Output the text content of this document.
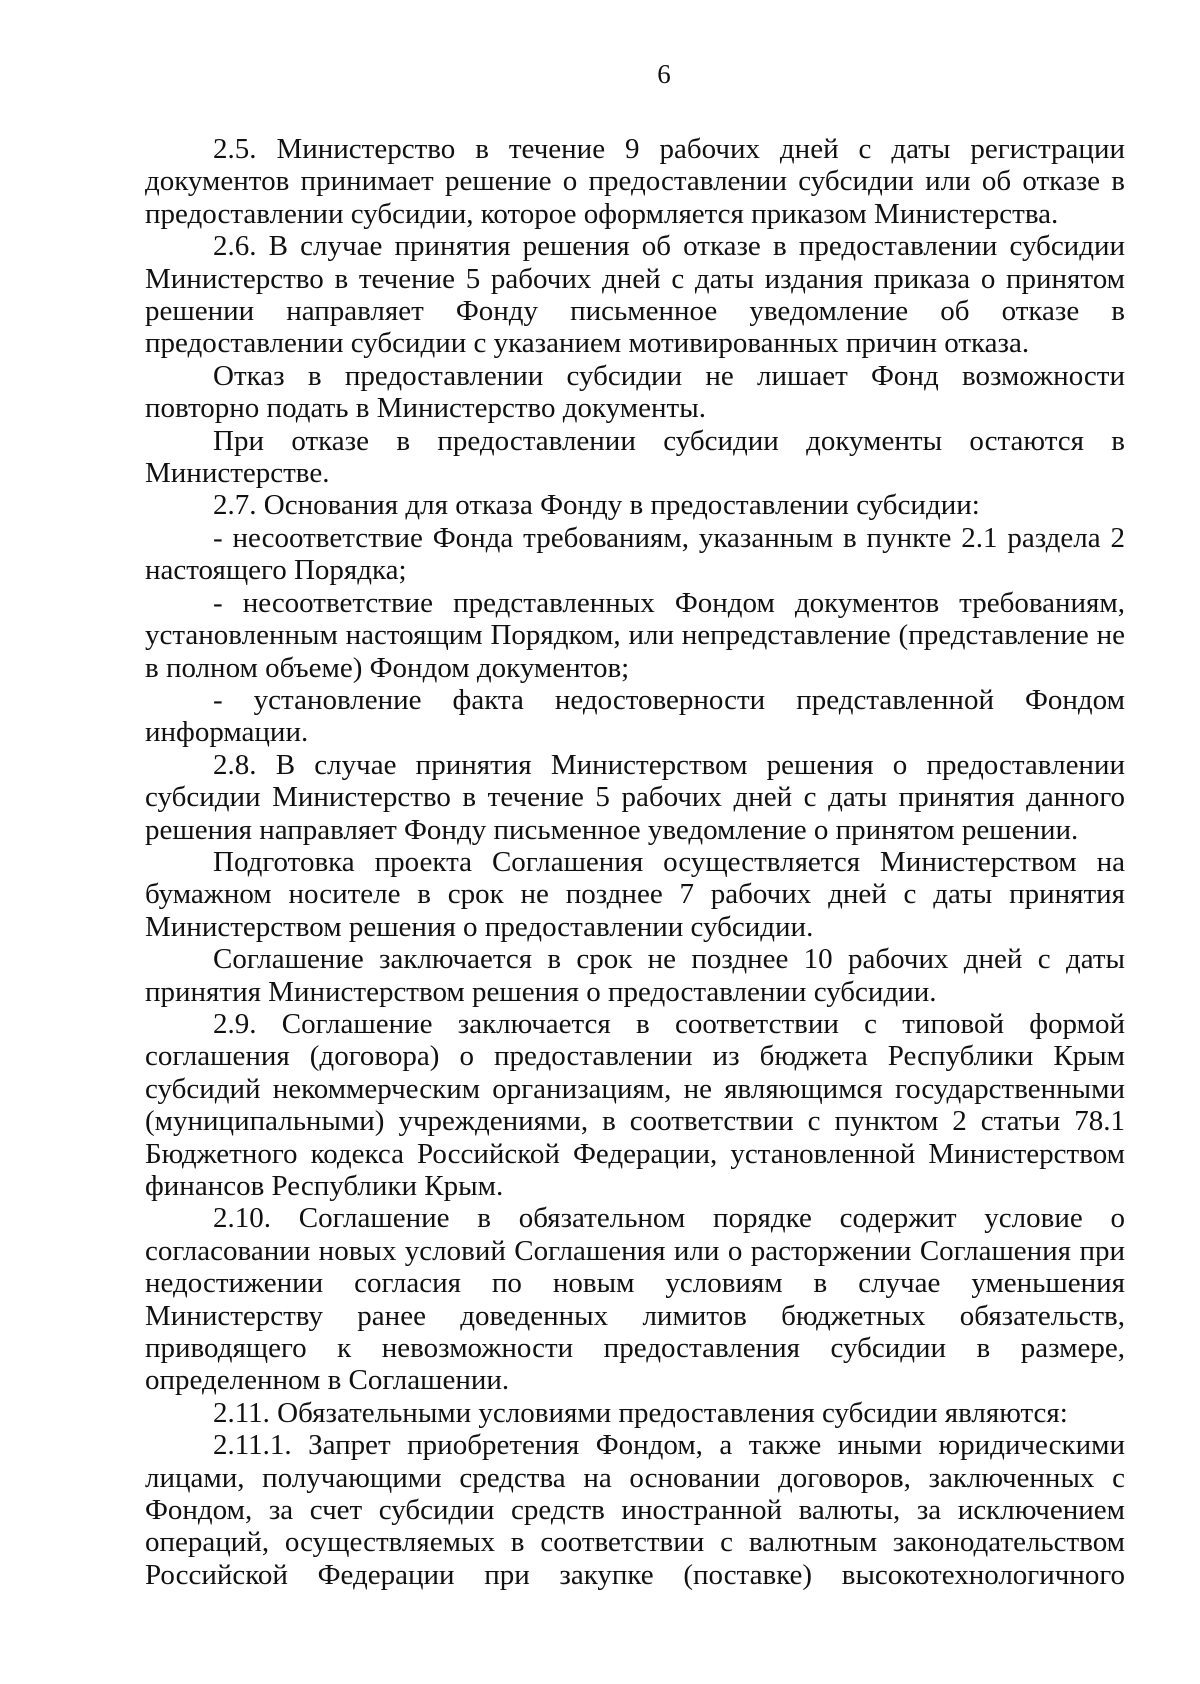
6
2.5. Министерство в течение 9 рабочих дней с даты регистрации
документов принимает решение о предоставлении субсидии или об отказе в
предоставлении субсидии, которое оформляется приказом Министерства.
2.6. В случае принятия решения об отказе в предоставлении субсидии
Министерство в течение 5 рабочих дней с даты издания приказа о принятом
решении направляет Фонду письменное уведомление об отказе в
предоставлении субсидии с указанием мотивированных причин отказа.
Отказ в предоставлении субсидии не лишает Фонд возможности
повторно подать в Министерство документы.
При отказе в предоставлении субсидии документы остаются в
Министерстве.
2.7. Основания для отказа Фонду в предоставлении субсидии:
- несоответствие Фонда требованиям, указанным в пункте 2.1 раздела 2
настоящего Порядка;
- несоответствие представленных Фондом документов требованиям,
установленным настоящим Порядком, или непредставление (представление не
в полном объеме) Фондом документов;
- установление факта недостоверности представленной Фондом
информации.
2.8. В случае принятия Министерством решения о предоставлении
субсидии Министерство в течение 5 рабочих дней с даты принятия данного
решения направляет Фонду письменное уведомление о принятом решении.
Подготовка проекта Соглашения осуществляется Министерством на
бумажном носителе в срок не позднее 7 рабочих дней с даты принятия
Министерством решения о предоставлении субсидии.
Соглашение заключается в срок не позднее 10 рабочих дней с даты
принятия Министерством решения о предоставлении субсидии.
2.9. Соглашение заключается в соответствии с типовой формой
соглашения (договора) о предоставлении из бюджета Республики Крым
субсидий некоммерческим организациям, не являющимся государственными
(муниципальными) учреждениями, в соответствии с пунктом 2 статьи 78.1
Бюджетного кодекса Российской Федерации, установленной Министерством
финансов Республики Крым.
2.10. Соглашение в обязательном порядке содержит условие о
согласовании новых условий Соглашения или о расторжении Соглашения при
недостижении согласия по новым условиям в случае уменьшения
Министерству ранее доведенных лимитов бюджетных обязательств,
приводящего к невозможности предоставления субсидии в размере,
определенном в Соглашении.
2.11. Обязательными условиями предоставления субсидии являются:
2.11.1. Запрет приобретения Фондом, а также иными юридическими
лицами, получающими средства на основании договоров, заключенных с
Фондом, за счет субсидии средств иностранной валюты, за исключением
операций, осуществляемых в соответствии с валютным законодательством
Российской Федерации при закупке (поставке) высокотехнологичного
